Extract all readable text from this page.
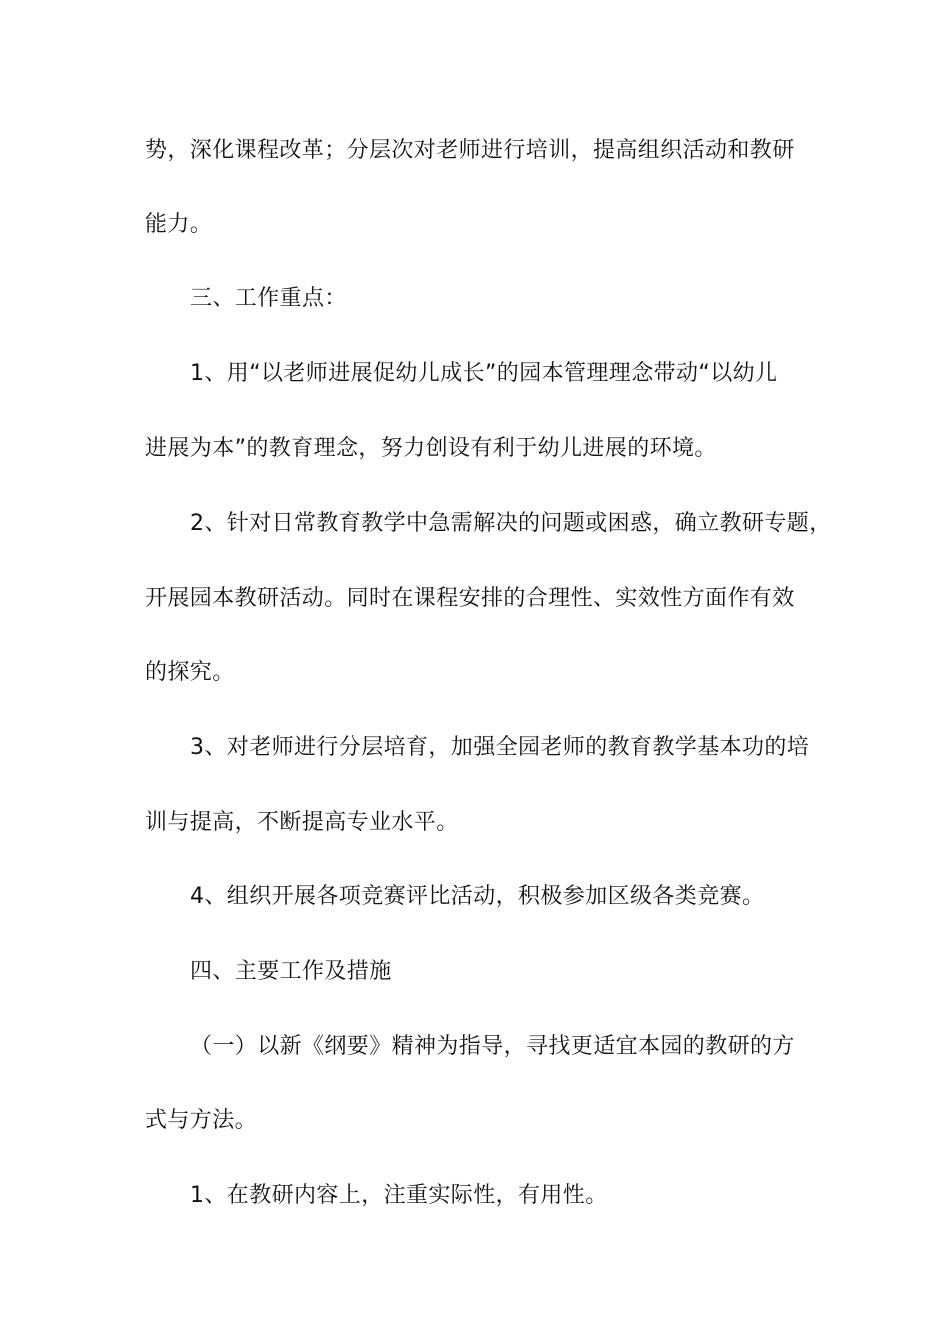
势，深化课程改革；分层次对老师进行培训，提高组织活动和教研
能力。
三、工作重点：
1、用“以老师进展促幼儿成长”的园本管理理念带动“以幼儿
进展为本”的教育理念，努力创设有利于幼儿进展的环境。
2、针对日常教育教学中急需解决的问题或困惑，确立教研专题，
开展园本教研活动。同时在课程安排的合理性、实效性方面作有效
的探究。
3、对老师进行分层培育，加强全园老师的教育教学基本功的培
训与提高，不断提高专业水平。
4、组织开展各项竞赛评比活动，积极参加区级各类竞赛。
四、主要工作及措施
（一）以新《纲要》精神为指导，寻找更适宜本园的教研的方
式与方法。
1、在教研内容上，注重实际性，有用性。
